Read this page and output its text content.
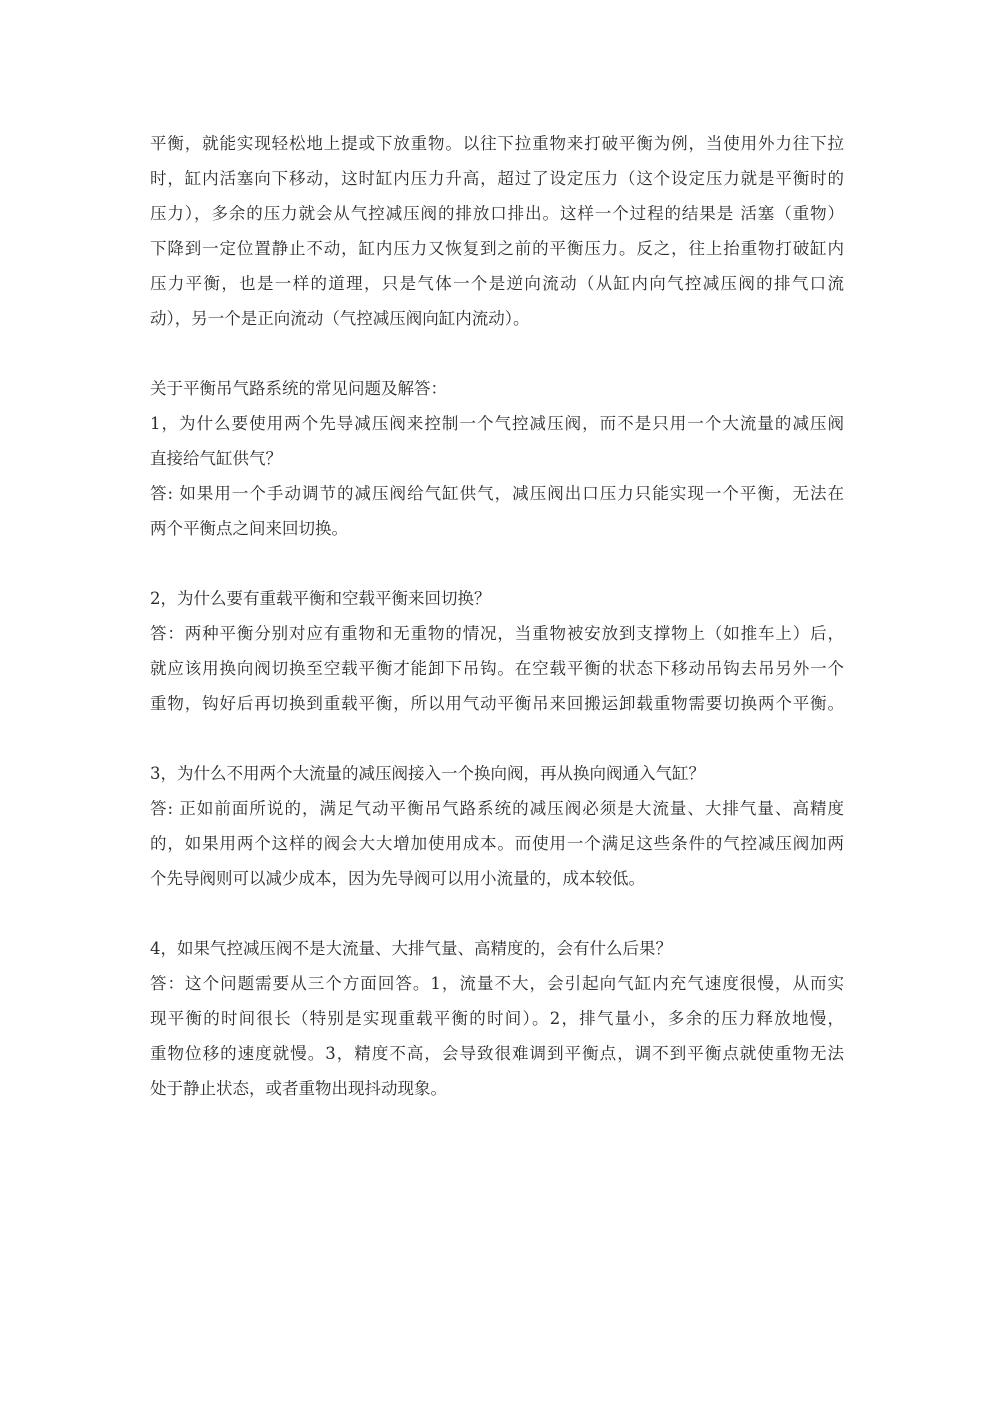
平衡，就能实现轻松地上提或下放重物。以往下拉重物来打破平衡为例，当使用外力往下拉
时，缸内活塞向下移动，这时缸内压力升高，超过了设定压力（这个设定压力就是平衡时的
压力），多余的压力就会从气控减压阀的排放口排出。这样一个过程的结果是 活塞（重物）
下降到一定位置静止不动，缸内压力又恢复到之前的平衡压力。反之，往上抬重物打破缸内
压力平衡，也是一样的道理，只是气体一个是逆向流动（从缸内向气控减压阀的排气口流
动），另一个是正向流动（气控减压阀向缸内流动）。
关于平衡吊气路系统的常见问题及解答：
1，为什么要使用两个先导减压阀来控制一个气控减压阀，而不是只用一个大流量的减压阀
直接给气缸供气？
答: 如果用一个手动调节的减压阀给气缸供气，减压阀出口压力只能实现一个平衡，无法在
两个平衡点之间来回切换。
2，为什么要有重载平衡和空载平衡来回切换？
答：两种平衡分别对应有重物和无重物的情况，当重物被安放到支撑物上（如推车上）后，
就应该用换向阀切换至空载平衡才能卸下吊钩。在空载平衡的状态下移动吊钩去吊另外一个
重物，钩好后再切换到重载平衡，所以用气动平衡吊来回搬运卸载重物需要切换两个平衡。
3，为什么不用两个大流量的减压阀接入一个换向阀，再从换向阀通入气缸？
答: 正如前面所说的，满足气动平衡吊气路系统的减压阀必须是大流量、大排气量、高精度
的，如果用两个这样的阀会大大增加使用成本。而使用一个满足这些条件的气控减压阀加两
个先导阀则可以减少成本，因为先导阀可以用小流量的，成本较低。
4，如果气控减压阀不是大流量、大排气量、高精度的，会有什么后果？
答：这个问题需要从三个方面回答。1，流量不大，会引起向气缸内充气速度很慢，从而实
现平衡的时间很长（特别是实现重载平衡的时间）。2，排气量小，多余的压力释放地慢，
重物位移的速度就慢。3，精度不高，会导致很难调到平衡点，调不到平衡点就使重物无法
处于静止状态，或者重物出现抖动现象。
